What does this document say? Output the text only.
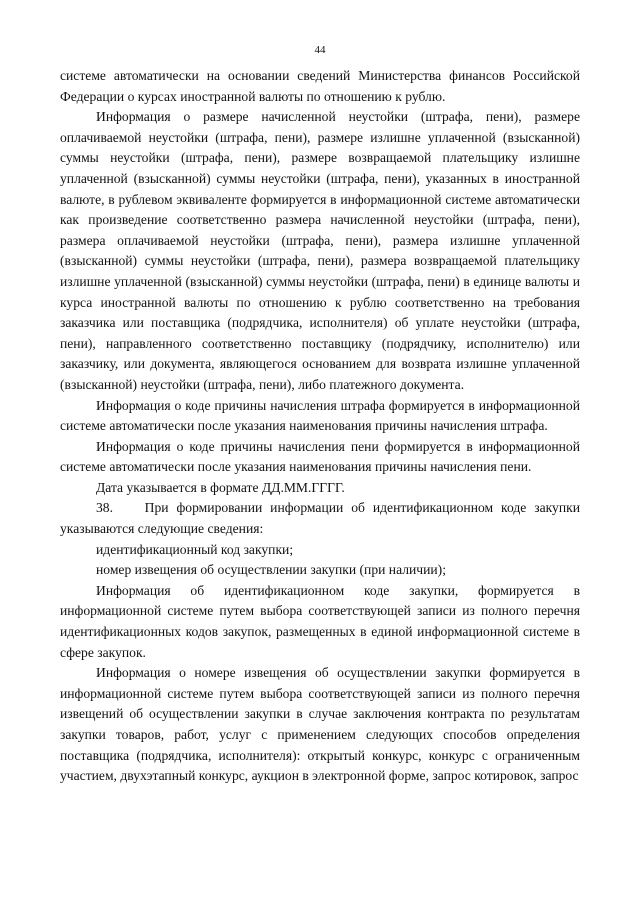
44

системе автоматически на основании сведений Министерства финансов Российской Федерации о курсах иностранной валюты по отношению к рублю.

Информация о размере начисленной неустойки (штрафа, пени), размере оплачиваемой неустойки (штрафа, пени), размере излишне уплаченной (взысканной) суммы неустойки (штрафа, пени), размере возвращаемой плательщику излишне уплаченной (взысканной) суммы неустойки (штрафа, пени), указанных в иностранной валюте, в рублевом эквиваленте формируется в информационной системе автоматически как произведение соответственно размера начисленной неустойки (штрафа, пени), размера оплачиваемой неустойки (штрафа, пени), размера излишне уплаченной (взысканной) суммы неустойки (штрафа, пени), размера возвращаемой плательщику излишне уплаченной (взысканной) суммы неустойки (штрафа, пени) в единице валюты и курса иностранной валюты по отношению к рублю соответственно на требования заказчика или поставщика (подрядчика, исполнителя) об уплате неустойки (штрафа, пени), направленного соответственно поставщику (подрядчику, исполнителю) или заказчику, или документа, являющегося основанием для возврата излишне уплаченной (взысканной) неустойки (штрафа, пени), либо платежного документа.

Информация о коде причины начисления штрафа формируется в информационной системе автоматически после указания наименования причины начисления штрафа.

Информация о коде причины начисления пени формируется в информационной системе автоматически после указания наименования причины начисления пени.

Дата указывается в формате ДД.ММ.ГГГГ.

38.    При формировании информации об идентификационном коде закупки указываются следующие сведения:

идентификационный код закупки;

номер извещения об осуществлении закупки (при наличии);

Информация об идентификационном коде закупки, формируется в информационной системе путем выбора соответствующей записи из полного перечня идентификационных кодов закупок, размещенных в единой информационной системе в сфере закупок.

Информация о номере извещения об осуществлении закупки формируется в информационной системе путем выбора соответствующей записи из полного перечня извещений об осуществлении закупки в случае заключения контракта по результатам закупки товаров, работ, услуг с применением следующих способов определения поставщика (подрядчика, исполнителя): открытый конкурс, конкурс с ограниченным участием, двухэтапный конкурс, аукцион в электронной форме, запрос котировок, запрос
